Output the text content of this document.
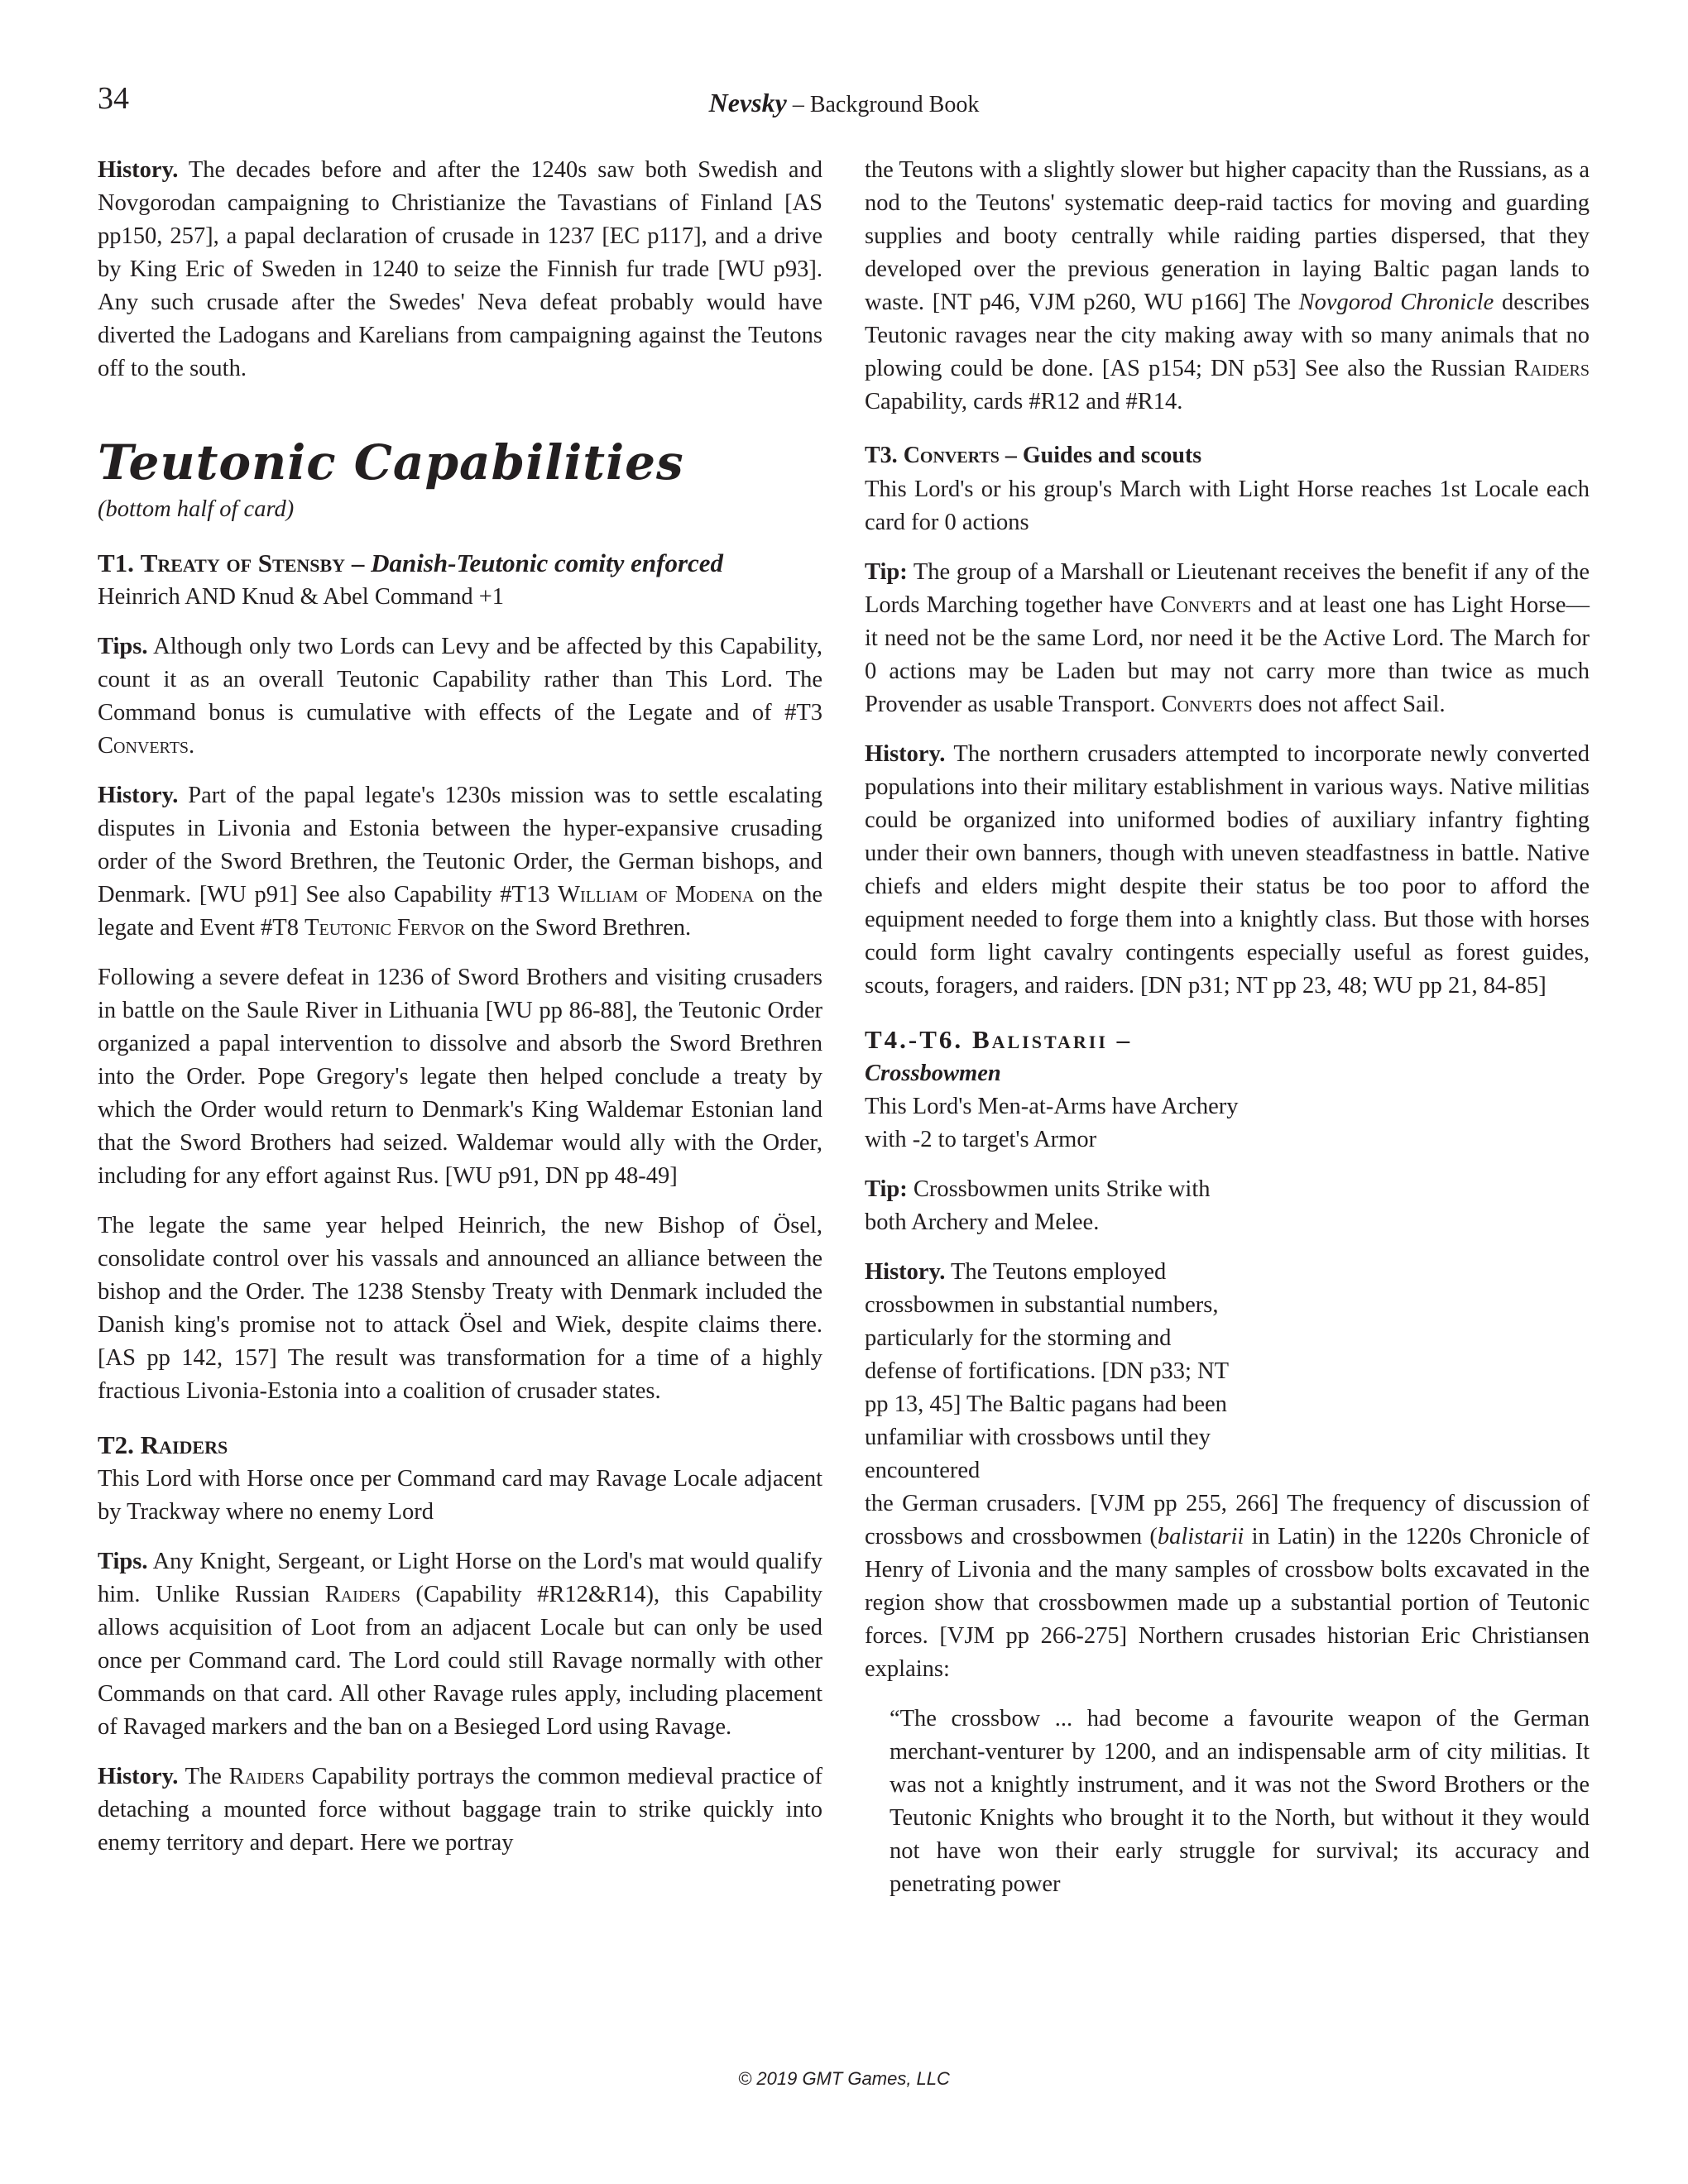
34	Nevsky – Background Book

History. The decades before and after the 1240s saw both Swedish and Novgorodan campaigning to Christianize the Tavastians of Finland [AS pp150, 257], a papal declaration of crusade in 1237 [EC p117], and a drive by King Eric of Sweden in 1240 to seize the Finnish fur trade [WU p93]. Any such crusade after the Swedes' Neva defeat probably would have diverted the Ladogans and Karelians from campaigning against the Teutons off to the south.

Teutonic Capabilities
(bottom half of card)
T1. Treaty of Stensby – Danish-Teutonic comity enforced
Heinrich AND Knud & Abel Command +1

Tips. Although only two Lords can Levy and be affected by this Capability, count it as an overall Teutonic Capability rather than This Lord. The Command bonus is cumulative with effects of the Legate and of #T3 Converts.

History. Part of the papal legate's 1230s mission was to settle escalating disputes in Livonia and Estonia between the hyper-expansive crusading order of the Sword Brethren, the Teutonic Order, the German bishops, and Denmark. [WU p91] See also Capability #T13 William of Modena on the legate and Event #T8 Teutonic Fervor on the Sword Brethren.

Following a severe defeat in 1236 of Sword Brothers and visiting crusaders in battle on the Saule River in Lithuania [WU pp 86-88], the Teutonic Order organized a papal intervention to dissolve and absorb the Sword Brethren into the Order. Pope Gregory's legate then helped conclude a treaty by which the Order would return to Denmark's King Waldemar Estonian land that the Sword Brothers had seized. Waldemar would ally with the Order, including for any effort against Rus. [WU p91, DN pp 48-49]

The legate the same year helped Heinrich, the new Bishop of Ösel, consolidate control over his vassals and announced an alliance between the bishop and the Order. The 1238 Stensby Treaty with Denmark included the Danish king's promise not to attack Ösel and Wiek, despite claims there. [AS pp 142, 157] The result was transformation for a time of a highly fractious Livonia-Estonia into a coalition of crusader states.

T2. Raiders
This Lord with Horse once per Command card may Ravage Locale adjacent by Trackway where no enemy Lord

Tips. Any Knight, Sergeant, or Light Horse on the Lord's mat would qualify him. Unlike Russian Raiders (Capability #R12&R14), this Capability allows acquisition of Loot from an adjacent Locale but can only be used once per Command card. The Lord could still Ravage normally with other Commands on that card. All other Ravage rules apply, including placement of Ravaged markers and the ban on a Besieged Lord using Ravage.

History. The Raiders Capability portrays the common medieval practice of detaching a mounted force without baggage train to strike quickly into enemy territory and depart. Here we portray

the Teutons with a slightly slower but higher capacity than the Russians, as a nod to the Teutons' systematic deep-raid tactics for moving and guarding supplies and booty centrally while raiding parties dispersed, that they developed over the previous generation in laying Baltic pagan lands to waste. [NT p46, VJM p260, WU p166] The Novgorod Chronicle describes Teutonic ravages near the city making away with so many animals that no plowing could be done. [AS p154; DN p53] See also the Russian Raiders Capability, cards #R12 and #R14.

T3. Converts – Guides and scouts
This Lord's or his group's March with Light Horse reaches 1st Locale each card for 0 actions

Tip: The group of a Marshall or Lieutenant receives the benefit if any of the Lords Marching together have Converts and at least one has Light Horse—it need not be the same Lord, nor need it be the Active Lord. The March for 0 actions may be Laden but may not carry more than twice as much Provender as usable Transport. Converts does not affect Sail.

History. The northern crusaders attempted to incorporate newly converted populations into their military establishment in various ways. Native militias could be organized into uniformed bodies of auxiliary infantry fighting under their own banners, though with uneven steadfastness in battle. Native chiefs and elders might despite their status be too poor to afford the equipment needed to forge them into a knightly class. But those with horses could form light cavalry contingents especially useful as forest guides, scouts, foragers, and raiders. [DN p31; NT pp 23, 48; WU pp 21, 84-85]

T4.-T6. Balistarii –
Crossbowmen
This Lord's Men-at-Arms have Archery with -2 to target's Armor

Tip: Crossbowmen units Strike with both Archery and Melee.

History. The Teutons employed crossbowmen in substantial numbers, particularly for the storming and defense of fortifications. [DN p33; NT pp 13, 45] The Baltic pagans had been unfamiliar with crossbows until they encountered

the German crusaders. [VJM pp 255, 266] The frequency of discussion of crossbows and crossbowmen (balistarii in Latin) in the 1220s Chronicle of Henry of Livonia and the many samples of crossbow bolts excavated in the region show that crossbowmen made up a substantial portion of Teutonic forces. [VJM pp 266-275] Northern crusades historian Eric Christiansen explains:

“The crossbow ... had become a favourite weapon of the German merchant-venturer by 1200, and an indispensable arm of city militias. It was not a knightly instrument, and it was not the Sword Brothers or the Teutonic Knights who brought it to the North, but without it they would not have won their early struggle for survival; its accuracy and penetrating power
© 2019 GMT Games, LLC
